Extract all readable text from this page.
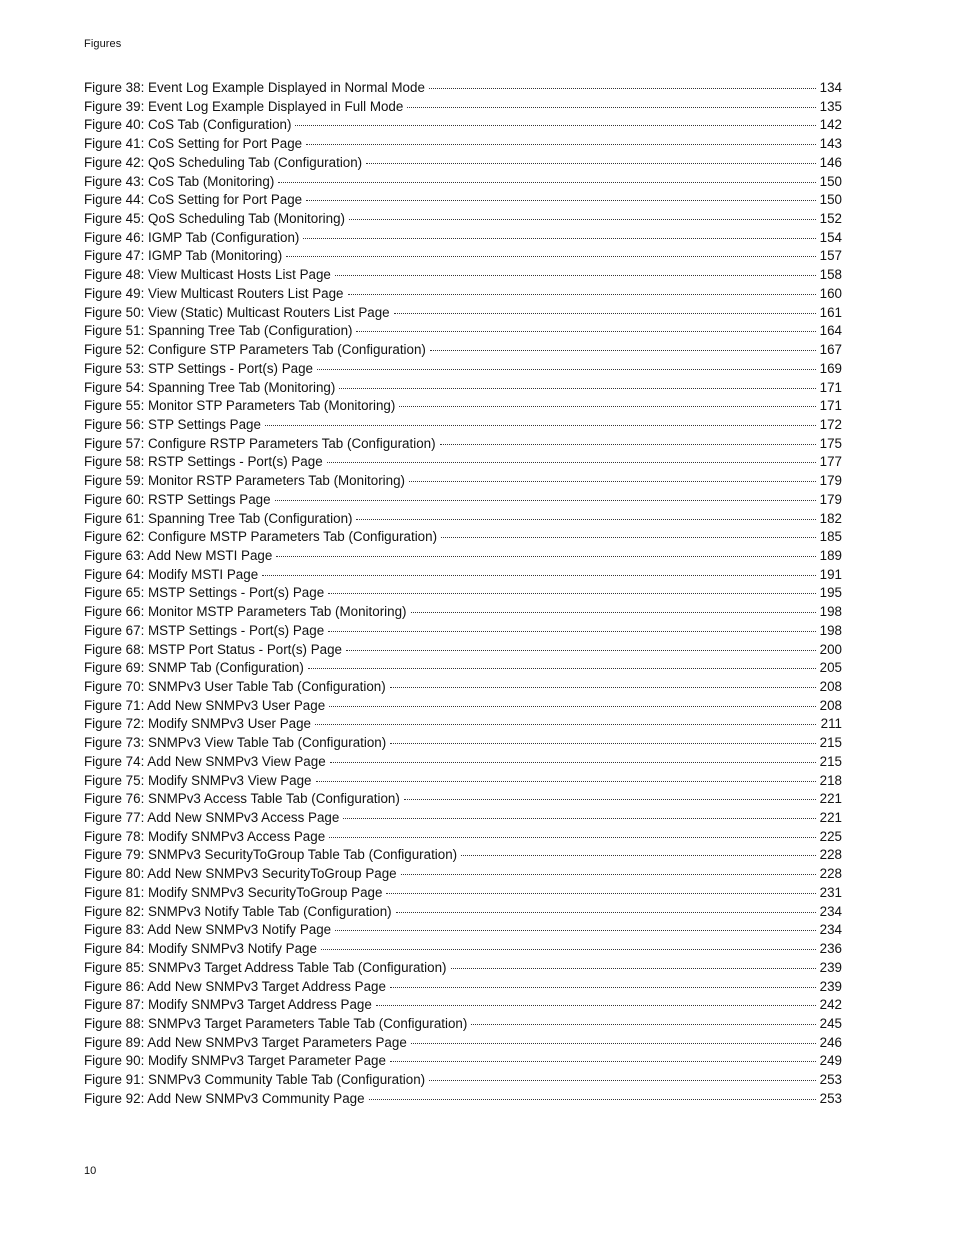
Figures
Figure 38: Event Log Example Displayed in Normal Mode	134
Figure 39: Event Log Example Displayed in Full Mode	135
Figure 40: CoS Tab (Configuration)	142
Figure 41: CoS Setting for Port Page	143
Figure 42: QoS Scheduling Tab (Configuration)	146
Figure 43: CoS Tab (Monitoring)	150
Figure 44: CoS Setting for Port Page	150
Figure 45: QoS Scheduling Tab (Monitoring)	152
Figure 46: IGMP Tab (Configuration)	154
Figure 47: IGMP Tab (Monitoring)	157
Figure 48: View Multicast Hosts List Page	158
Figure 49: View Multicast Routers List Page	160
Figure 50: View (Static) Multicast Routers List Page	161
Figure 51: Spanning Tree Tab (Configuration)	164
Figure 52: Configure STP Parameters Tab (Configuration)	167
Figure 53: STP Settings - Port(s) Page	169
Figure 54: Spanning Tree Tab (Monitoring)	171
Figure 55: Monitor STP Parameters Tab (Monitoring)	171
Figure 56: STP Settings Page	172
Figure 57: Configure RSTP Parameters Tab (Configuration)	175
Figure 58: RSTP Settings - Port(s) Page	177
Figure 59: Monitor RSTP Parameters Tab (Monitoring)	179
Figure 60: RSTP Settings Page	179
Figure 61: Spanning Tree Tab (Configuration)	182
Figure 62: Configure MSTP Parameters Tab (Configuration)	185
Figure 63: Add New MSTI Page	189
Figure 64: Modify MSTI Page	191
Figure 65: MSTP Settings - Port(s) Page	195
Figure 66: Monitor MSTP Parameters Tab (Monitoring)	198
Figure 67: MSTP Settings - Port(s) Page	198
Figure 68: MSTP Port Status - Port(s) Page	200
Figure 69: SNMP Tab (Configuration)	205
Figure 70: SNMPv3 User Table Tab (Configuration)	208
Figure 71: Add New SNMPv3 User Page	208
Figure 72: Modify SNMPv3 User Page	211
Figure 73: SNMPv3 View Table Tab (Configuration)	215
Figure 74: Add New SNMPv3 View Page	215
Figure 75: Modify SNMPv3 View Page	218
Figure 76: SNMPv3 Access Table Tab (Configuration)	221
Figure 77: Add New SNMPv3 Access Page	221
Figure 78: Modify SNMPv3 Access Page	225
Figure 79: SNMPv3 SecurityToGroup Table Tab (Configuration)	228
Figure 80: Add New SNMPv3 SecurityToGroup Page	228
Figure 81: Modify SNMPv3 SecurityToGroup Page	231
Figure 82: SNMPv3 Notify Table Tab (Configuration)	234
Figure 83: Add New SNMPv3 Notify Page	234
Figure 84: Modify SNMPv3 Notify Page	236
Figure 85: SNMPv3 Target Address Table Tab (Configuration)	239
Figure 86: Add New SNMPv3 Target Address Page	239
Figure 87: Modify SNMPv3 Target Address Page	242
Figure 88: SNMPv3 Target Parameters Table Tab (Configuration)	245
Figure 89: Add New SNMPv3 Target Parameters Page	246
Figure 90: Modify SNMPv3 Target Parameter Page	249
Figure 91: SNMPv3 Community Table Tab (Configuration)	253
Figure 92: Add New SNMPv3 Community Page	253
10
